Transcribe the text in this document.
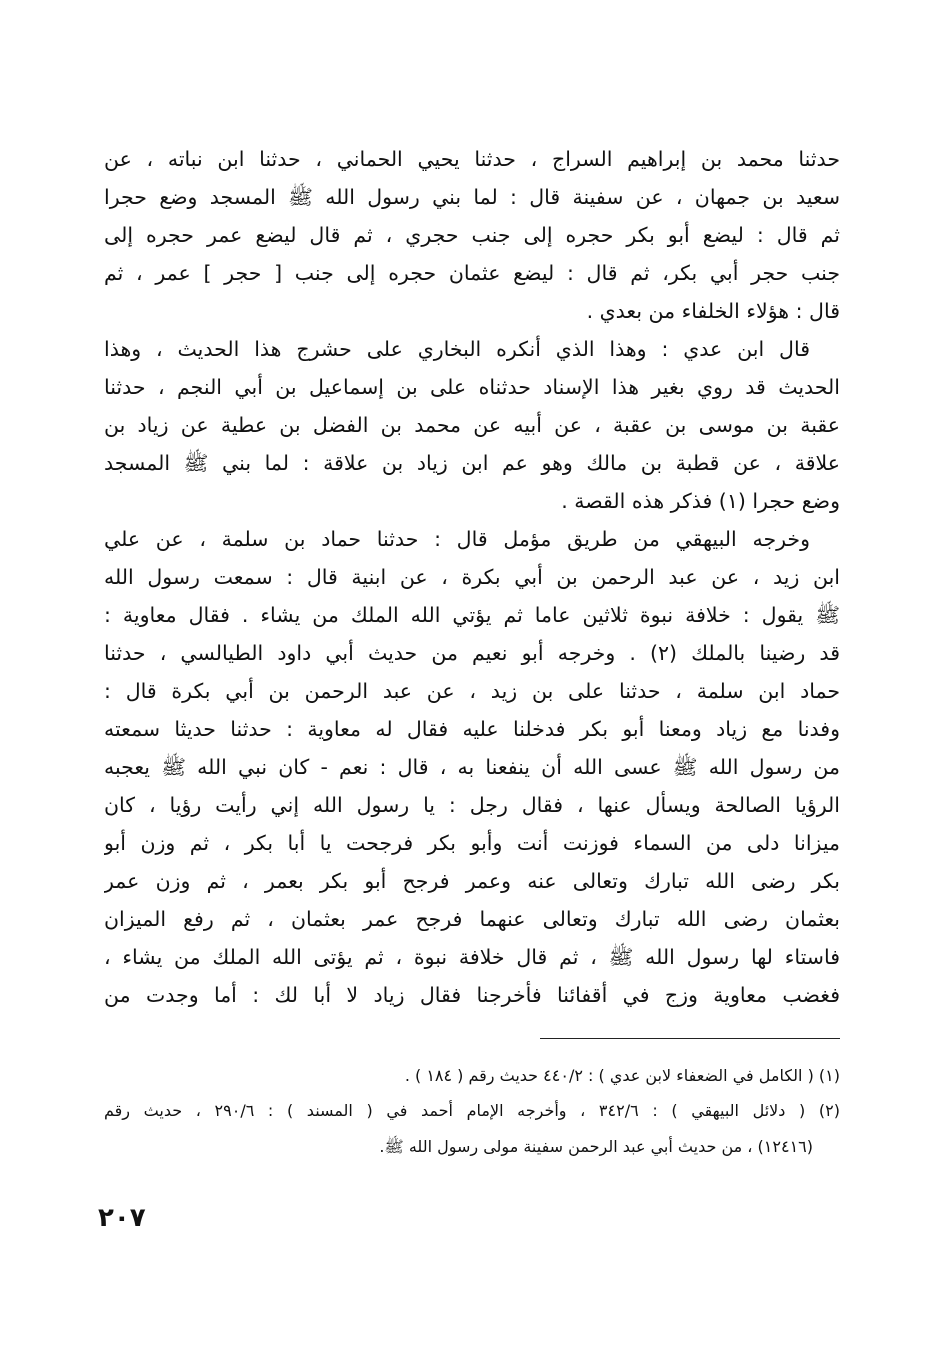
حدثنا محمد بن إبراهيم السراج ، حدثنا يحيي الحماني ، حدثنا ابن نباته ، عن
سعيد بن جمهان ، عن سفينة قال : لما بني رسول الله ﷺ المسجد وضع حجرا
ثم قال : ليضع أبو بكر حجره إلى جنب حجري ، ثم قال ليضع عمر حجره إلى
جنب حجر أبي بكر، ثم قال : ليضع عثمان حجره إلى جنب [ حجر ] عمر ، ثم
قال : هؤلاء الخلفاء من بعدي .
قال ابن عدي : وهذا الذي أنكره البخاري على حشرج هذا الحديث ، وهذا
الحديث قد روي بغير هذا الإسناد حدثناه على بن إسماعيل بن أبي النجم ، حدثنا
عقبة بن موسى بن عقبة ، عن أبيه عن محمد بن الفضل بن عطية عن زياد بن
علاقة ، عن قطبة بن مالك وهو عم ابن زياد بن علاقة : لما بني ﷺ المسجد
وضع حجرا (١) فذكر هذه القصة .
وخرجه البيهقي من طريق مؤمل قال : حدثنا حماد بن سلمة ، عن علي
ابن زيد ، عن عبد الرحمن بن أبي بكرة ، عن ابنية قال : سمعت رسول الله
ﷺ يقول : خلافة نبوة ثلاثين عاما ثم يؤتي الله الملك من يشاء . فقال معاوية :
قد رضينا بالملك (٢) . وخرجه أبو نعيم من حديث أبي داود الطيالسي ، حدثنا
حماد ابن سلمة ، حدثنا على بن زيد ، عن عبد الرحمن بن أبي بكرة قال :
وفدنا مع زياد ومعنا أبو بكر فدخلنا عليه فقال له معاوية : حدثنا حديثا سمعته
من رسول الله ﷺ عسى الله أن ينفعنا به ، قال : نعم - كان نبي الله ﷺ يعجبه
الرؤيا الصالحة ويسأل عنها ، فقال رجل : يا رسول الله إني رأيت رؤيا ، كان
ميزانا دلى من السماء فوزنت أنت وأبو بكر فرجحت يا أبا بكر ، ثم وزن أبو
بكر رضى الله تبارك وتعالى عنه وعمر فرجح أبو بكر بعمر ، ثم وزن عمر
بعثمان رضى الله تبارك وتعالى عنهما فرجح عمر بعثمان ، ثم رفع الميزان
فاستاء لها رسول الله ﷺ ، ثم قال خلافة نبوة ، ثم يؤتى الله الملك من يشاء ،
فغضب معاوية وزج في أقفائنا فأخرجنا فقال زياد لا أبا لك : أما وجدت من
(١) ( الكامل في الضعفاء لابن عدي ) : ٤٤٠/٢ حديث رقم ( ١٨٤ ) .
(٢) ( دلائل البيهقي ) : ٣٤٢/٦ ، وأخرجه الإمام أحمد في ( المسند ) : ٢٩٠/٦ ، حديث رقم
(١٢٤١٦) ، من حديث أبي عبد الرحمن سفينة مولى رسول الله ﷺ.
٢٠٧
